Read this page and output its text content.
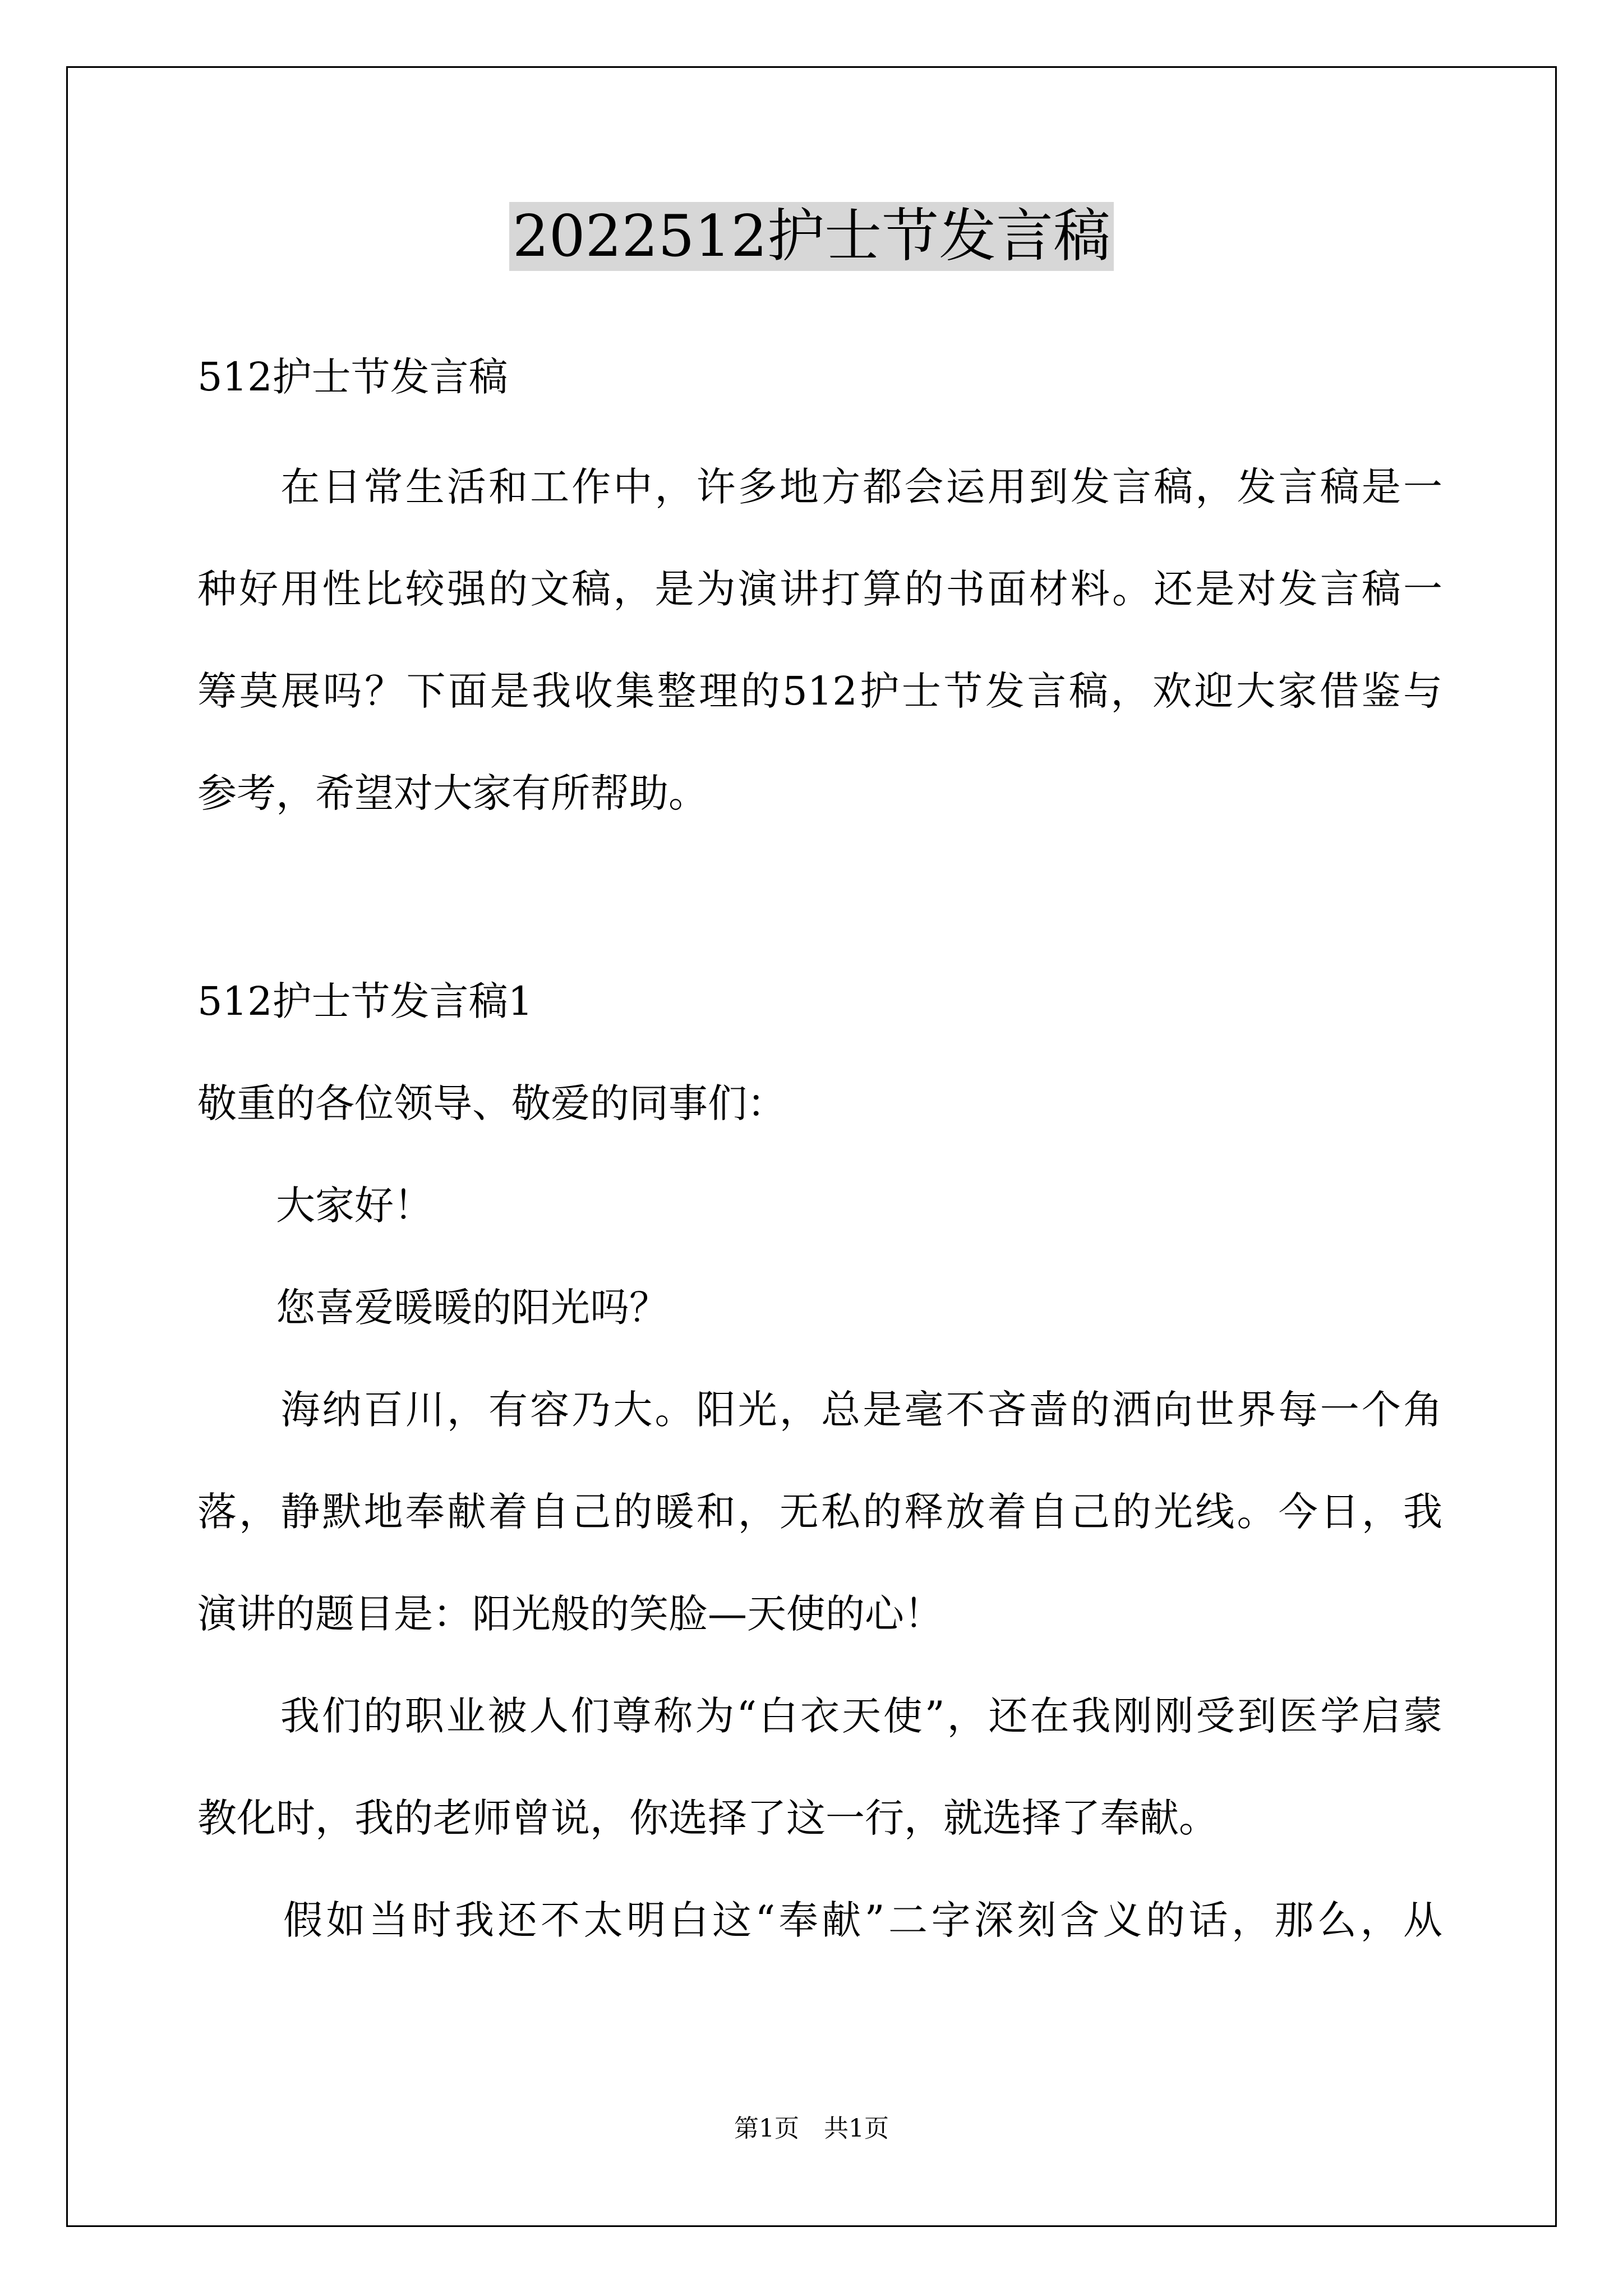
2022512护士节发言稿
512护士节发言稿
　　在日常生活和工作中，许多地方都会运用到发言稿，发言稿是一
种好用性比较强的文稿，是为演讲打算的书面材料。还是对发言稿一
筹莫展吗？下面是我收集整理的512护士节发言稿，欢迎大家借鉴与
参考，希望对大家有所帮助。
512护士节发言稿1
敬重的各位领导、敬爱的同事们：
　　大家好！
　　您喜爱暖暖的阳光吗？
　　海纳百川，有容乃大。阳光，总是毫不吝啬的洒向世界每一个角
落，静默地奉献着自己的暖和，无私的释放着自己的光线。今日，我
演讲的题目是：阳光般的笑脸—天使的心！
　　我们的职业被人们尊称为“白衣天使”，还在我刚刚受到医学启蒙
教化时，我的老师曾说，你选择了这一行，就选择了奉献。
　　假如当时我还不太明白这“奉献”二字深刻含义的话，那么，从
第1页　共1页
